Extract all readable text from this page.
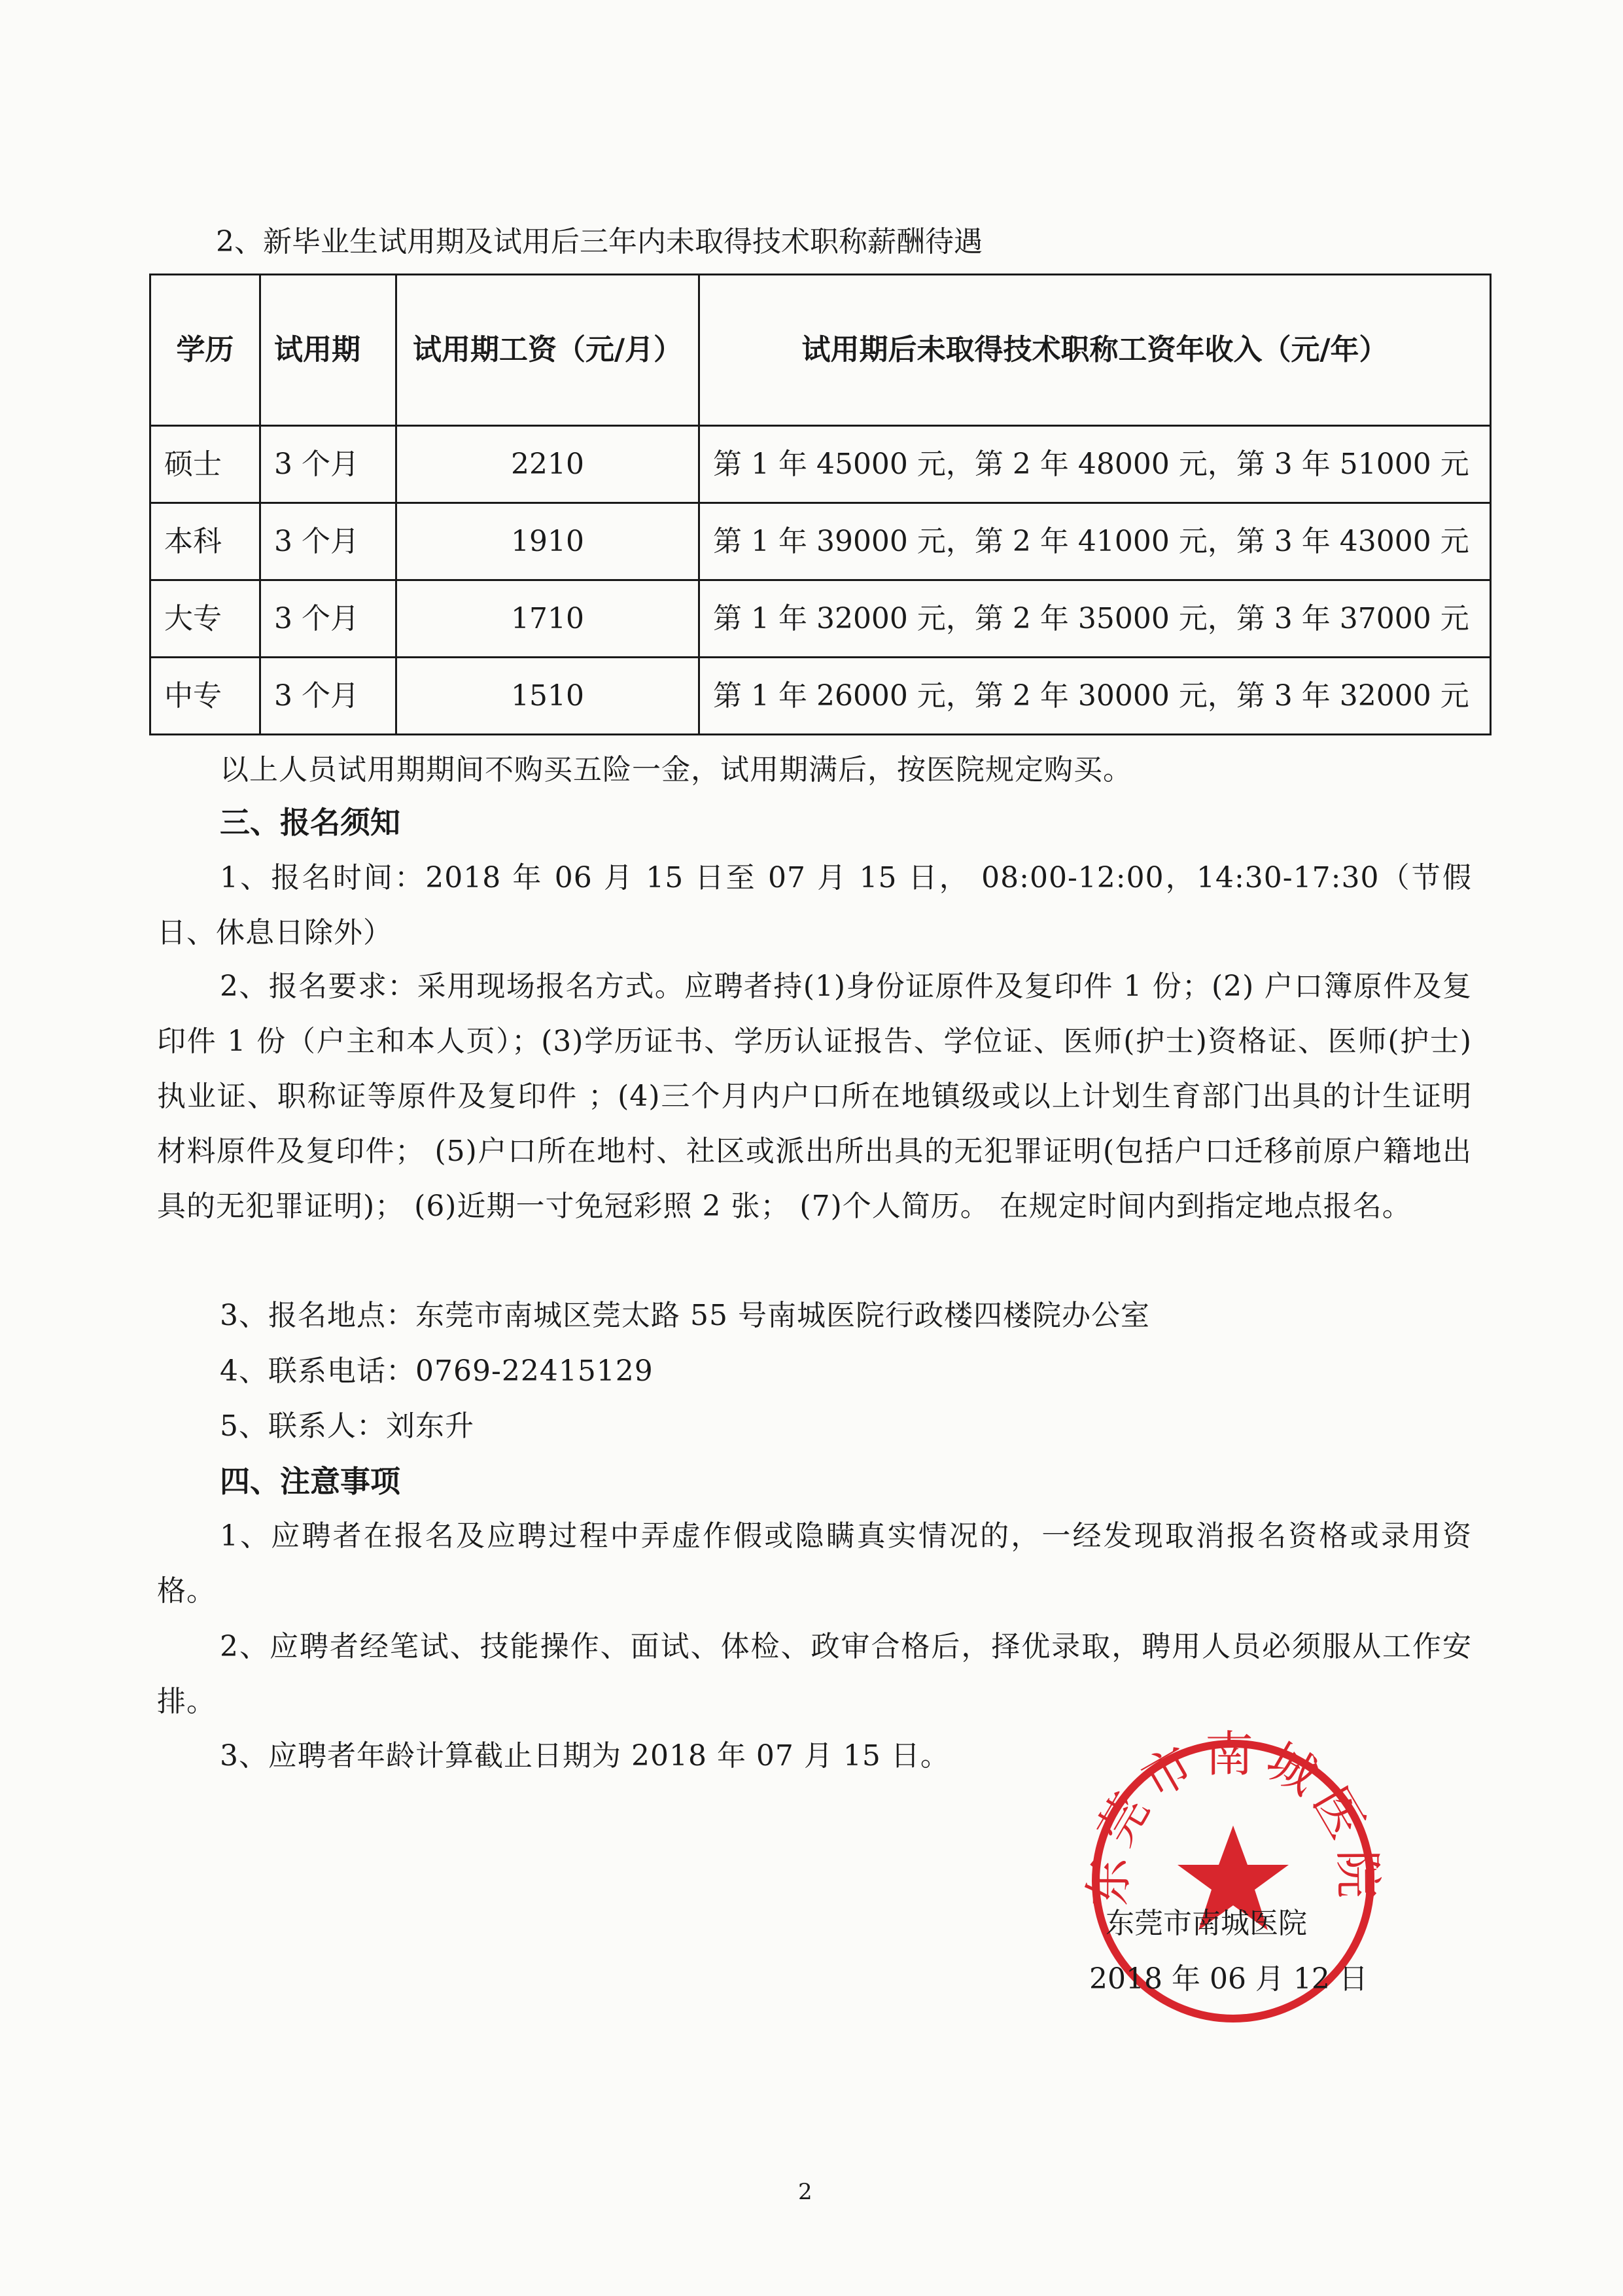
2、新毕业生试用期及试用后三年内未取得技术职称薪酬待遇

学历	试用期	试用期工资（元/月）	试用期后未取得技术职称工资年收入（元/年）
硕士	3 个月	2210	第 1 年 45000 元，第 2 年 48000 元，第 3 年 51000 元
本科	3 个月	1910	第 1 年 39000 元，第 2 年 41000 元，第 3 年 43000 元
大专	3 个月	1710	第 1 年 32000 元，第 2 年 35000 元，第 3 年 37000 元
中专	3 个月	1510	第 1 年 26000 元，第 2 年 30000 元，第 3 年 32000 元

以上人员试用期期间不购买五险一金，试用期满后，按医院规定购买。

三、报名须知

1、报名时间：2018 年 06 月 15 日至 07 月 15 日， 08:00-12:00，14:30-17:30（节假日、休息日除外）

2、报名要求：采用现场报名方式。应聘者持(1)身份证原件及复印件 1 份；(2) 户口簿原件及复印件 1 份（户主和本人页）；(3)学历证书、学历认证报告、学位证、医师(护士)资格证、医师(护士)执业证、职称证等原件及复印件 ；(4)三个月内户口所在地镇级或以上计划生育部门出具的计生证明材料原件及复印件； (5)户口所在地村、社区或派出所出具的无犯罪证明(包括户口迁移前原户籍地出具的无犯罪证明)； (6)近期一寸免冠彩照 2 张； (7)个人简历。 在规定时间内到指定地点报名。

3、报名地点：东莞市南城区莞太路 55 号南城医院行政楼四楼院办公室

4、联系电话：0769-22415129

5、联系人：刘东升

四、注意事项

1、应聘者在报名及应聘过程中弄虚作假或隐瞒真实情况的，一经发现取消报名资格或录用资格。

2、应聘者经笔试、技能操作、面试、体检、政审合格后，择优录取，聘用人员必须服从工作安排。

3、应聘者年龄计算截止日期为 2018 年 07 月 15 日。

东莞市南城医院

东莞市南城医院

2018 年 06 月 12 日

2
